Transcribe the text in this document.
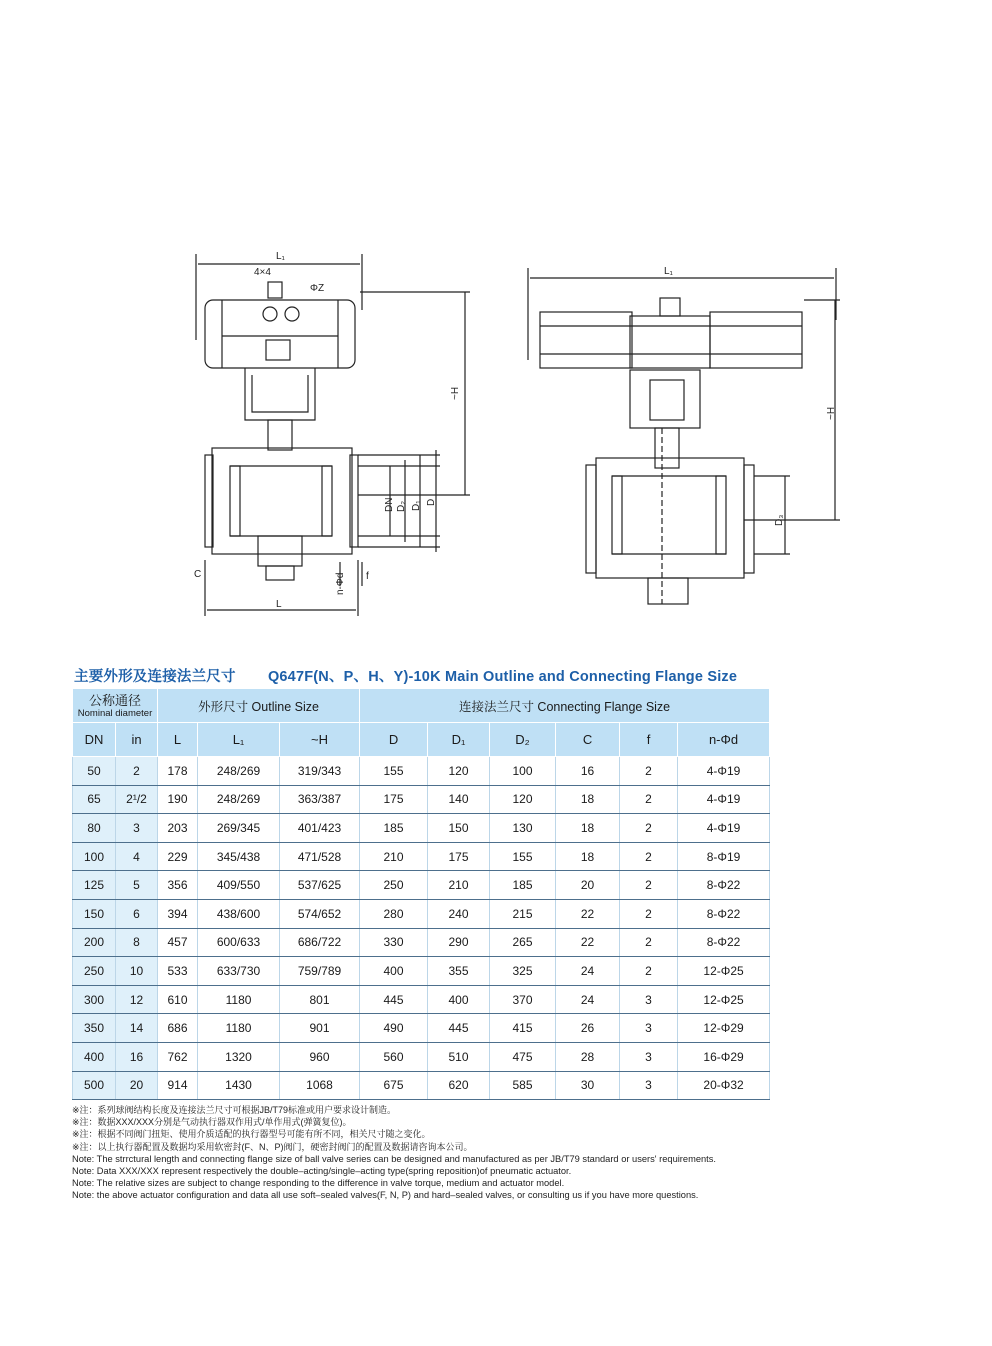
L₁
4×4
ΦZ
~H
DN D₂ D₁ D
C	f
n-Φd
L
L₁
~H
D₃
主要外形及连接法兰尺寸 Q647F(N、P、H、Y)-10K Main Outline and Connecting Flange Size
公称通径
Nominal diameter		外形尺寸 Outline Size			连接法兰尺寸 Connecting Flange Size					
DN	in	L	L₁	~H	D	D₁	D₂	C	f	n-Φd
50	2	178	248/269	319/343	155	120	100	16	2	4-Φ19
65	2¹/2	190	248/269	363/387	175	140	120	18	2	4-Φ19
80	3	203	269/345	401/423	185	150	130	18	2	4-Φ19
100	4	229	345/438	471/528	210	175	155	18	2	8-Φ19
125	5	356	409/550	537/625	250	210	185	20	2	8-Φ22
150	6	394	438/600	574/652	280	240	215	22	2	8-Φ22
200	8	457	600/633	686/722	330	290	265	22	2	8-Φ22
250	10	533	633/730	759/789	400	355	325	24	2	12-Φ25
300	12	610	1180	801	445	400	370	24	3	12-Φ25
350	14	686	1180	901	490	445	415	26	3	12-Φ29
400	16	762	1320	960	560	510	475	28	3	16-Φ29
500	20	914	1430	1068	675	620	585	30	3	20-Φ32
※注：系列球阀结构长度及连接法兰尺寸可根据JB/T79标准或用户要求设计制造。
※注：数据XXX/XXX分别是气动执行器双作用式/单作用式(弹簧复位)。
※注：根据不同阀门扭矩、使用介质适配的执行器型号可能有所不同，相关尺寸随之变化。
※注：以上执行器配置及数据均采用软密封(F、N、P)阀门，硬密封阀门的配置及数据请咨询本公司。
Note: The strrctural length and connecting flange size of ball valve series can be designed and manufactured as per JB/T79 standard or users' requirements.
Note: Data XXX/XXX represent respectively the double–acting/single–acting type(spring reposition)of pneumatic actuator.
Note: The relative sizes are subject to change responding to the difference in valve torque, medium and actuator model.
Note: the above actuator configuration and data all use soft–sealed valves(F, N, P) and hard–sealed valves, or consulting us if you have more questions.
